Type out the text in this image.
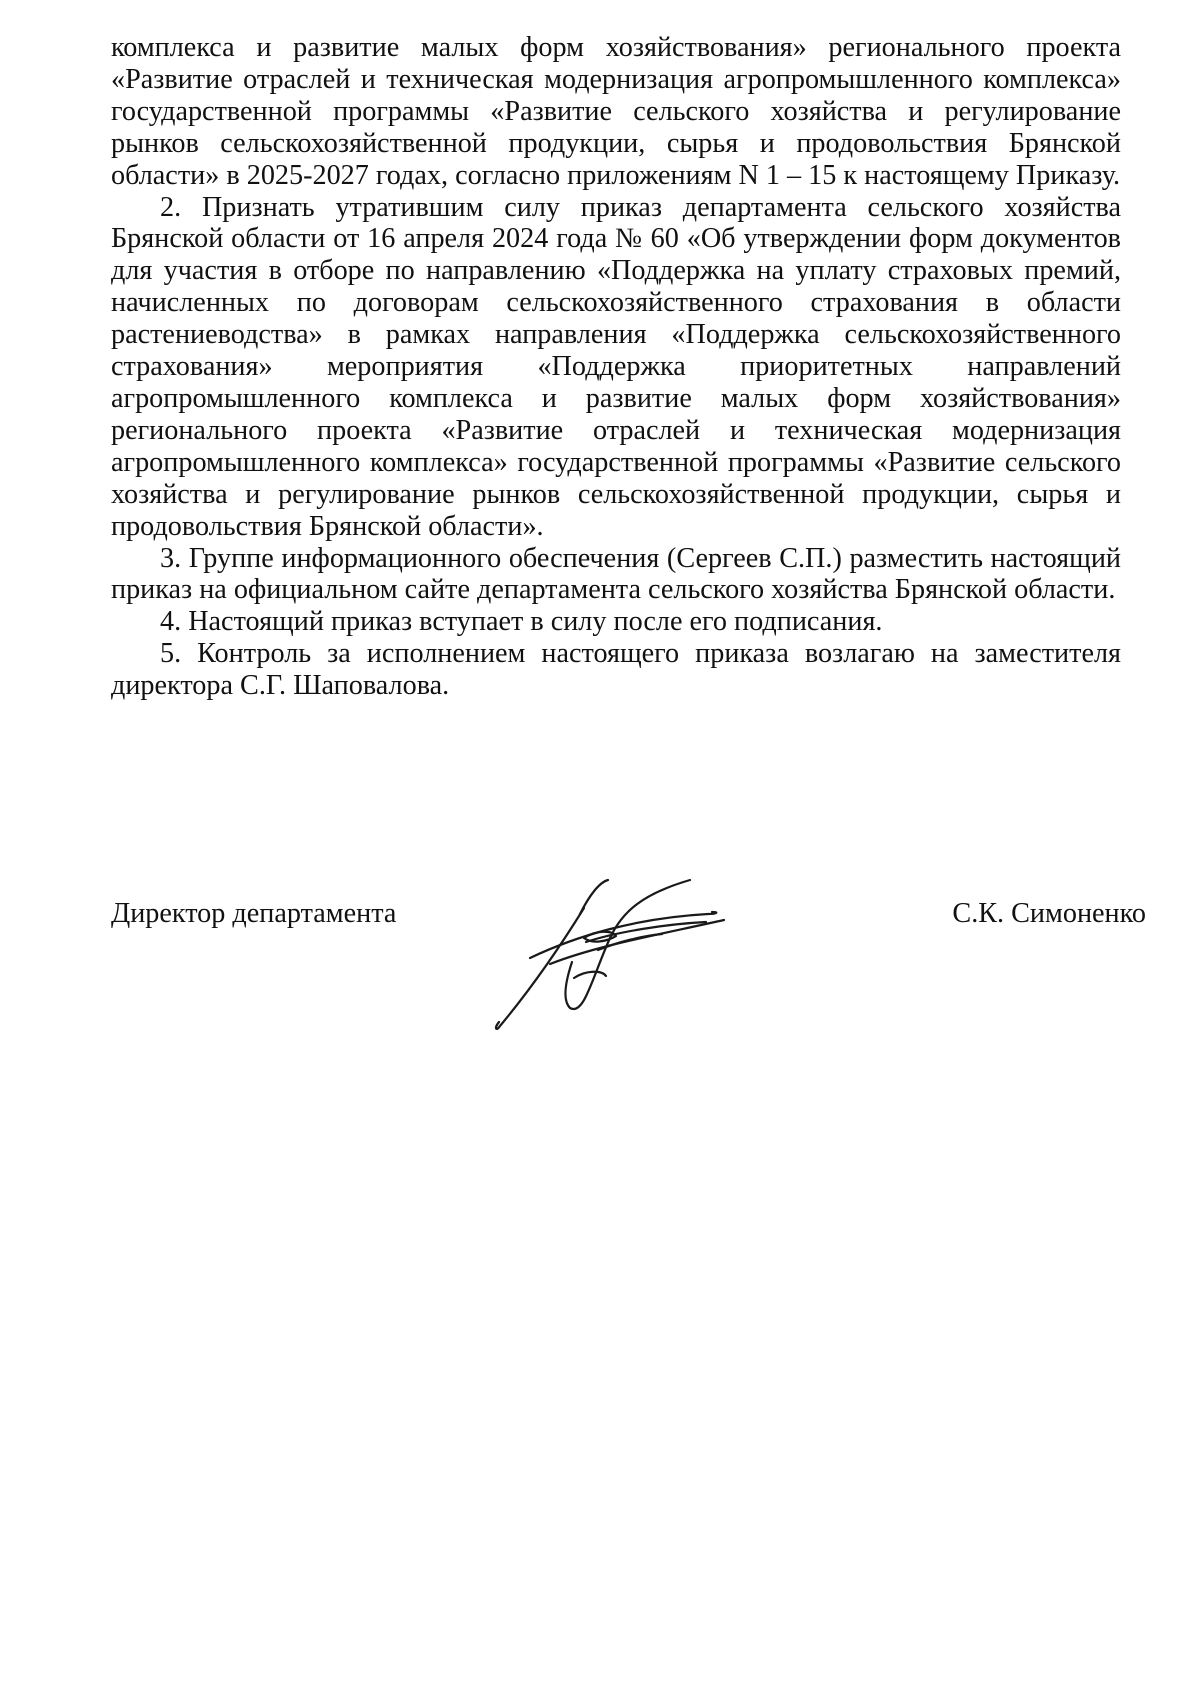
комплекса и развитие малых форм хозяйствования» регионального проекта «Развитие отраслей и техническая модернизация агропромышленного комплекса» государственной программы «Развитие сельского хозяйства и регулирование рынков сельскохозяйственной продукции, сырья и продовольствия Брянской области» в 2025-2027 годах, согласно приложениям N 1 – 15 к настоящему Приказу.

2. Признать утратившим силу приказ департамента сельского хозяйства Брянской области от 16 апреля 2024 года № 60 «Об утверждении форм документов для участия в отборе по направлению «Поддержка на уплату страховых премий, начисленных по договорам сельскохозяйственного страхования в области растениеводства» в рамках направления «Поддержка сельскохозяйственного страхования» мероприятия «Поддержка приоритетных направлений агропромышленного комплекса и развитие малых форм хозяйствования» регионального проекта «Развитие отраслей и техническая модернизация агропромышленного комплекса» государственной программы «Развитие сельского хозяйства и регулирование рынков сельскохозяйственной продукции, сырья и продовольствия Брянской области».

3. Группе информационного обеспечения (Сергеев С.П.) разместить настоящий приказ на официальном сайте департамента сельского хозяйства Брянской области.

4. Настоящий приказ вступает в силу после его подписания.

5. Контроль за исполнением настоящего приказа возлагаю на заместителя директора С.Г. Шаповалова.

Директор департамента	С.К. Симоненко
